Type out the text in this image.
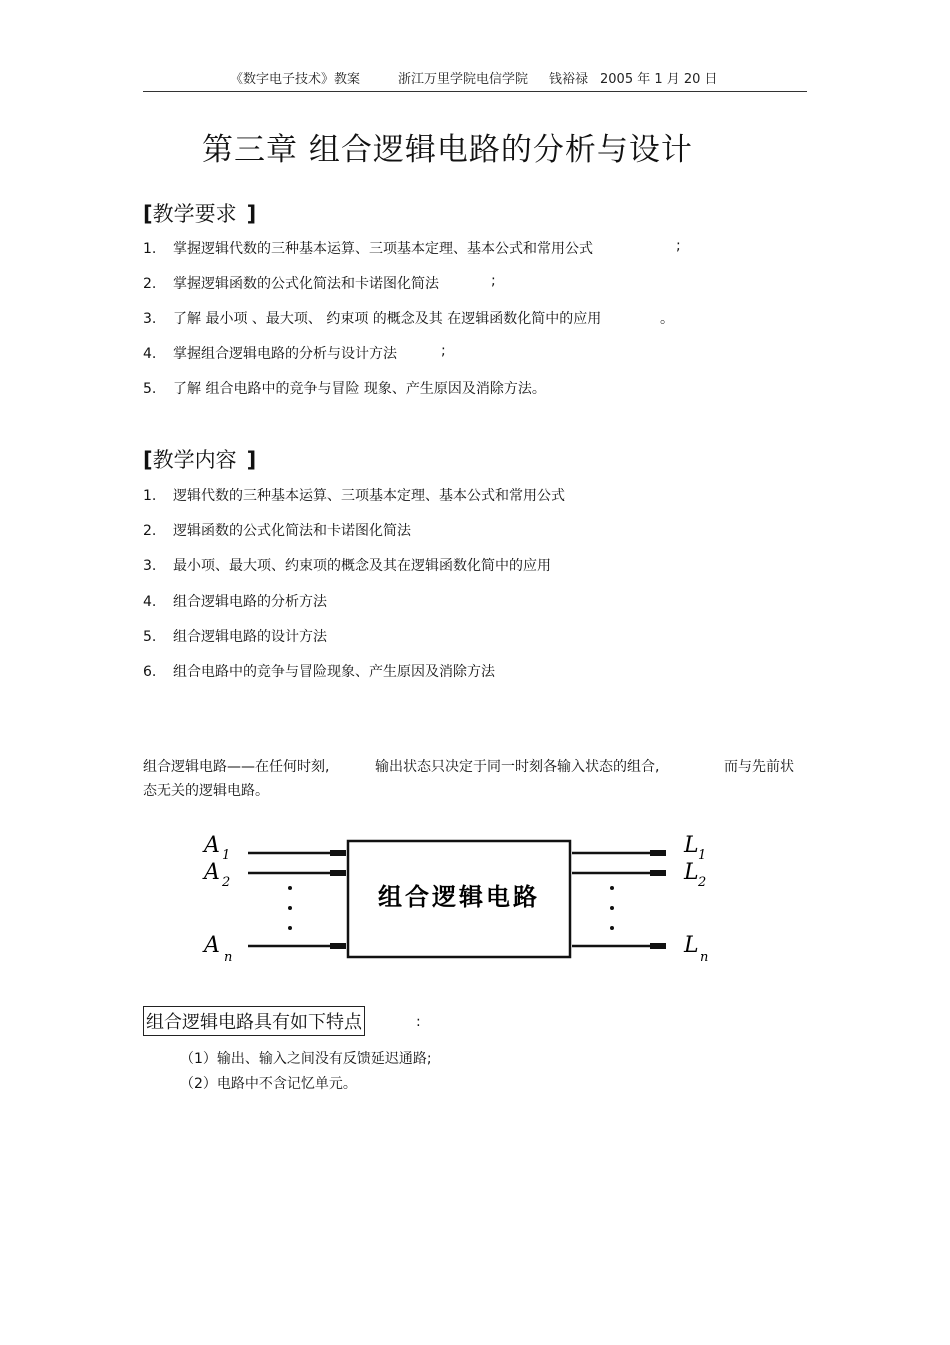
《数字电子技术》教案	浙江万里学院电信学院 钱裕禄 2005 年 1 月 20 日
第三章 组合逻辑电路的分析与设计
[教学要求 ]
1. 掌握逻辑代数的三种基本运算、三项基本定理、基本公式和常用公式	;
2. 掌握逻辑函数的公式化简法和卡诺图化简法	;
3. 了解 最小项 、最大项、 约束项 的概念及其 在逻辑函数化简中的应用	。
4. 掌握组合逻辑电路的分析与设计方法	;
5. 了解 组合电路中的竞争与冒险 现象、产生原因及消除方法。
[教学内容 ]
1. 逻辑代数的三种基本运算、三项基本定理、基本公式和常用公式
2. 逻辑函数的公式化简法和卡诺图化简法
3. 最小项、最大项、约束项的概念及其在逻辑函数化简中的应用
4. 组合逻辑电路的分析方法
5. 组合逻辑电路的设计方法
6. 组合电路中的竞争与冒险现象、产生原因及消除方法
组合逻辑电路——在任何时刻,	输出状态只决定于同一时刻各输入状态的组合,	而与先前状
态无关的逻辑电路。
组合逻辑电路
A 1
A 2
A n
L 1
L 2
L n
组合逻辑电路具有如下特点	:
（1）输出、输入之间没有反馈延迟通路;
（2）电路中不含记忆单元。
